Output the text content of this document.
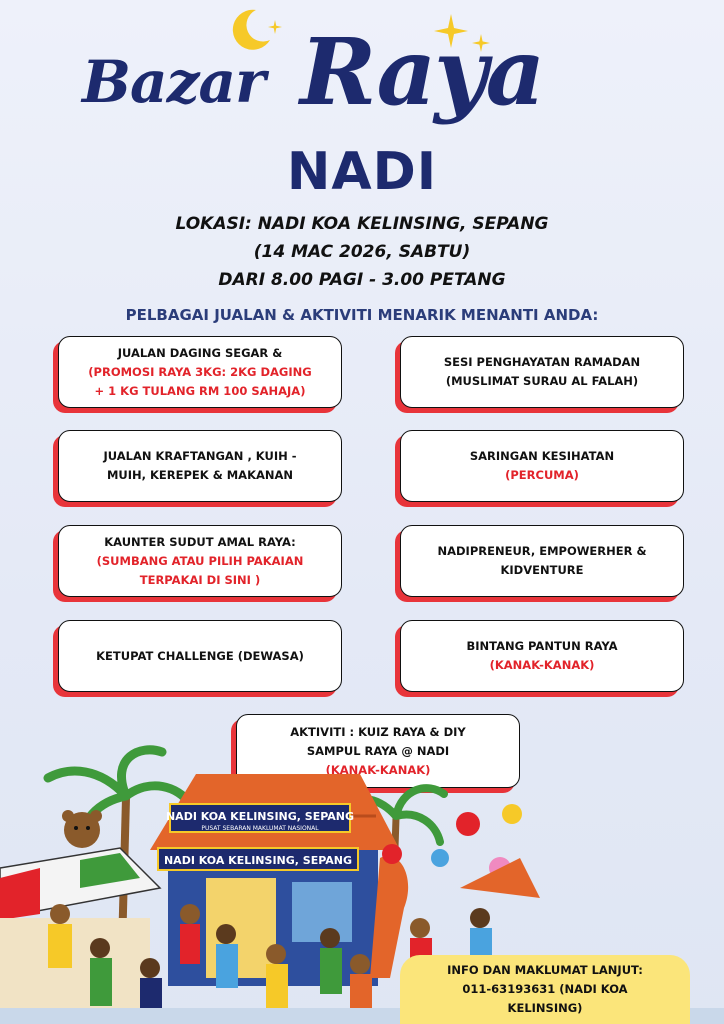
Bazar Raya
NADI
LOKASI: NADI KOA KELINSING, SEPANG
(14 MAC 2026, SABTU)
DARI 8.00 PAGI - 3.00 PETANG
PELBAGAI JUALAN & AKTIVITI MENARIK MENANTI ANDA:
JUALAN DAGING SEGAR &
(PROMOSI RAYA 3KG: 2KG DAGING
+ 1 KG TULANG RM 100 SAHAJA)
SESI PENGHAYATAN RAMADAN
(MUSLIMAT SURAU AL FALAH)
JUALAN KRAFTANGAN , KUIH -
MUIH, KEREPEK & MAKANAN
SARINGAN KESIHATAN
(PERCUMA)
KAUNTER SUDUT AMAL RAYA:
(SUMBANG ATAU PILIH PAKAIAN
TERPAKAI DI SINI )
NADIPRENEUR, EMPOWERHER &
KIDVENTURE
KETUPAT CHALLENGE (DEWASA)
BINTANG PANTUN RAYA
(KANAK-KANAK)
AKTIVITI : KUIZ RAYA & DIY
SAMPUL RAYA @ NADI
(KANAK-KANAK)
NADI KOA KELINSING, SEPANG
PUSAT SEBARAN MAKLUMAT NASIONAL
NADI KOA KELINSING, SEPANG
INFO DAN MAKLUMAT LANJUT:
011-63193631 (NADI KOA
KELINSING)
